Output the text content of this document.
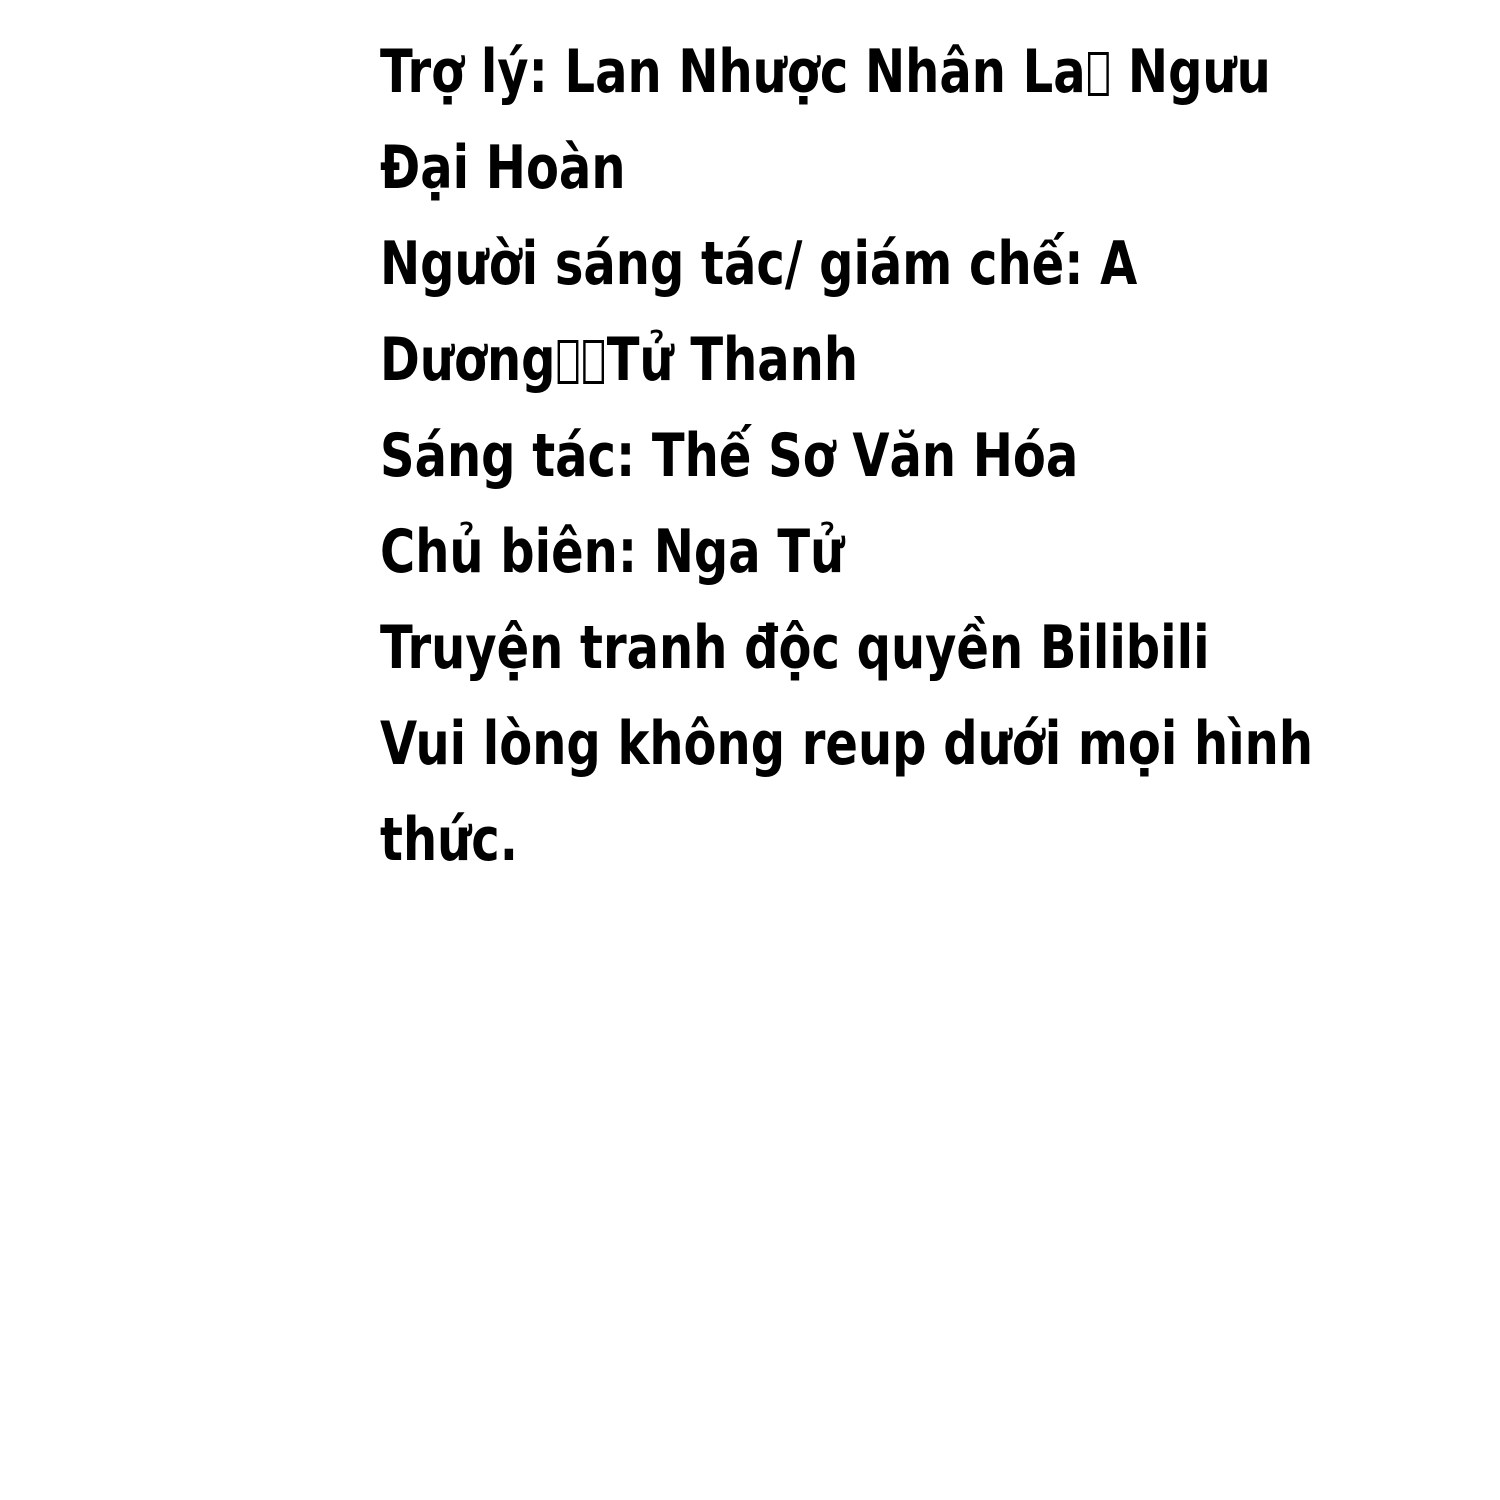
Trợ lý: Lan Nhược Nhân La Ngưu
Đại Hoàn
Người sáng tác/ giám chế: A
Dương Tử Thanh
Sáng tác: Thế Sơ Văn Hóa
Chủ biên: Nga Tử
Truyện tranh độc quyền Bilibili
Vui lòng không reup dưới mọi hình
thức.
